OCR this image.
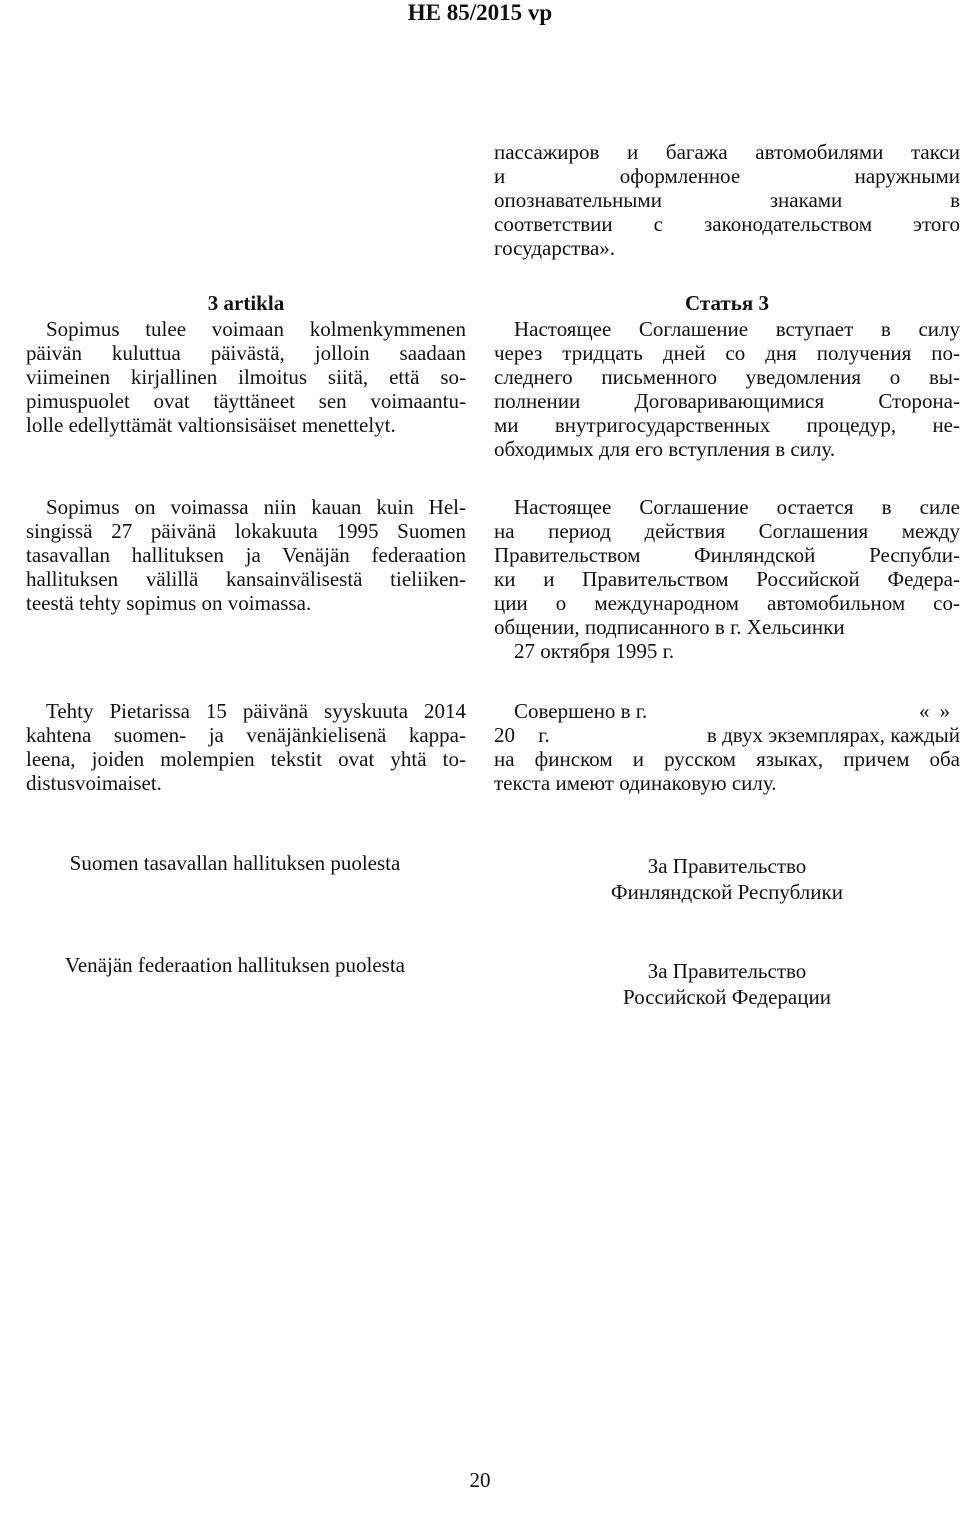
HE 85/2015 vp
пассажиров и багажа автомобилями такси
и оформленное наружными
опознавательными знаками в
соответствии с законодательством этого
государства».
3 artikla
Sopimus tulee voimaan kolmenkymmenen
päivän kuluttua päivästä, jolloin saadaan
viimeinen kirjallinen ilmoitus siitä, että so-
pimuspuolet ovat täyttäneet sen voimaantu-
lolle edellyttämät valtionsisäiset menettelyt.
Sopimus on voimassa niin kauan kuin Hel-
singissä 27 päivänä lokakuuta 1995 Suomen
tasavallan hallituksen ja Venäjän federaation
hallituksen välillä kansainvälisestä tieliiken-
teestä tehty sopimus on voimassa.
Tehty Pietarissa 15 päivänä syyskuuta 2014
kahtena suomen- ja venäjänkielisenä kappa-
leena, joiden molempien tekstit ovat yhtä to-
distusvoimaiset.
Статья 3
Настоящее Соглашение вступает в силу
через тридцать дней со дня получения по-
следнего письменного уведомления о вы-
полнении Договаривающимися Сторона-
ми внутригосударственных процедур, не-
обходимых для его вступления в силу.
Настоящее Соглашение остается в силе
на период действия Соглашения между
Правительством Финляндской Республи-
ки и Правительством Российской Федера-
ции о международном автомобильном со-
общении, подписанного в г. Хельсинки
27 октября 1995 г.
Совершено в г.	«»
20 г.	в двух экземплярах, каждый
на финском и русском языках, причем оба
текста имеют одинаковую силу.
Suomen tasavallan hallituksen puolesta	За Правительство
Финляндской Республики
Venäjän federaation hallituksen puolesta	За Правительство
Российской Федерации
20
